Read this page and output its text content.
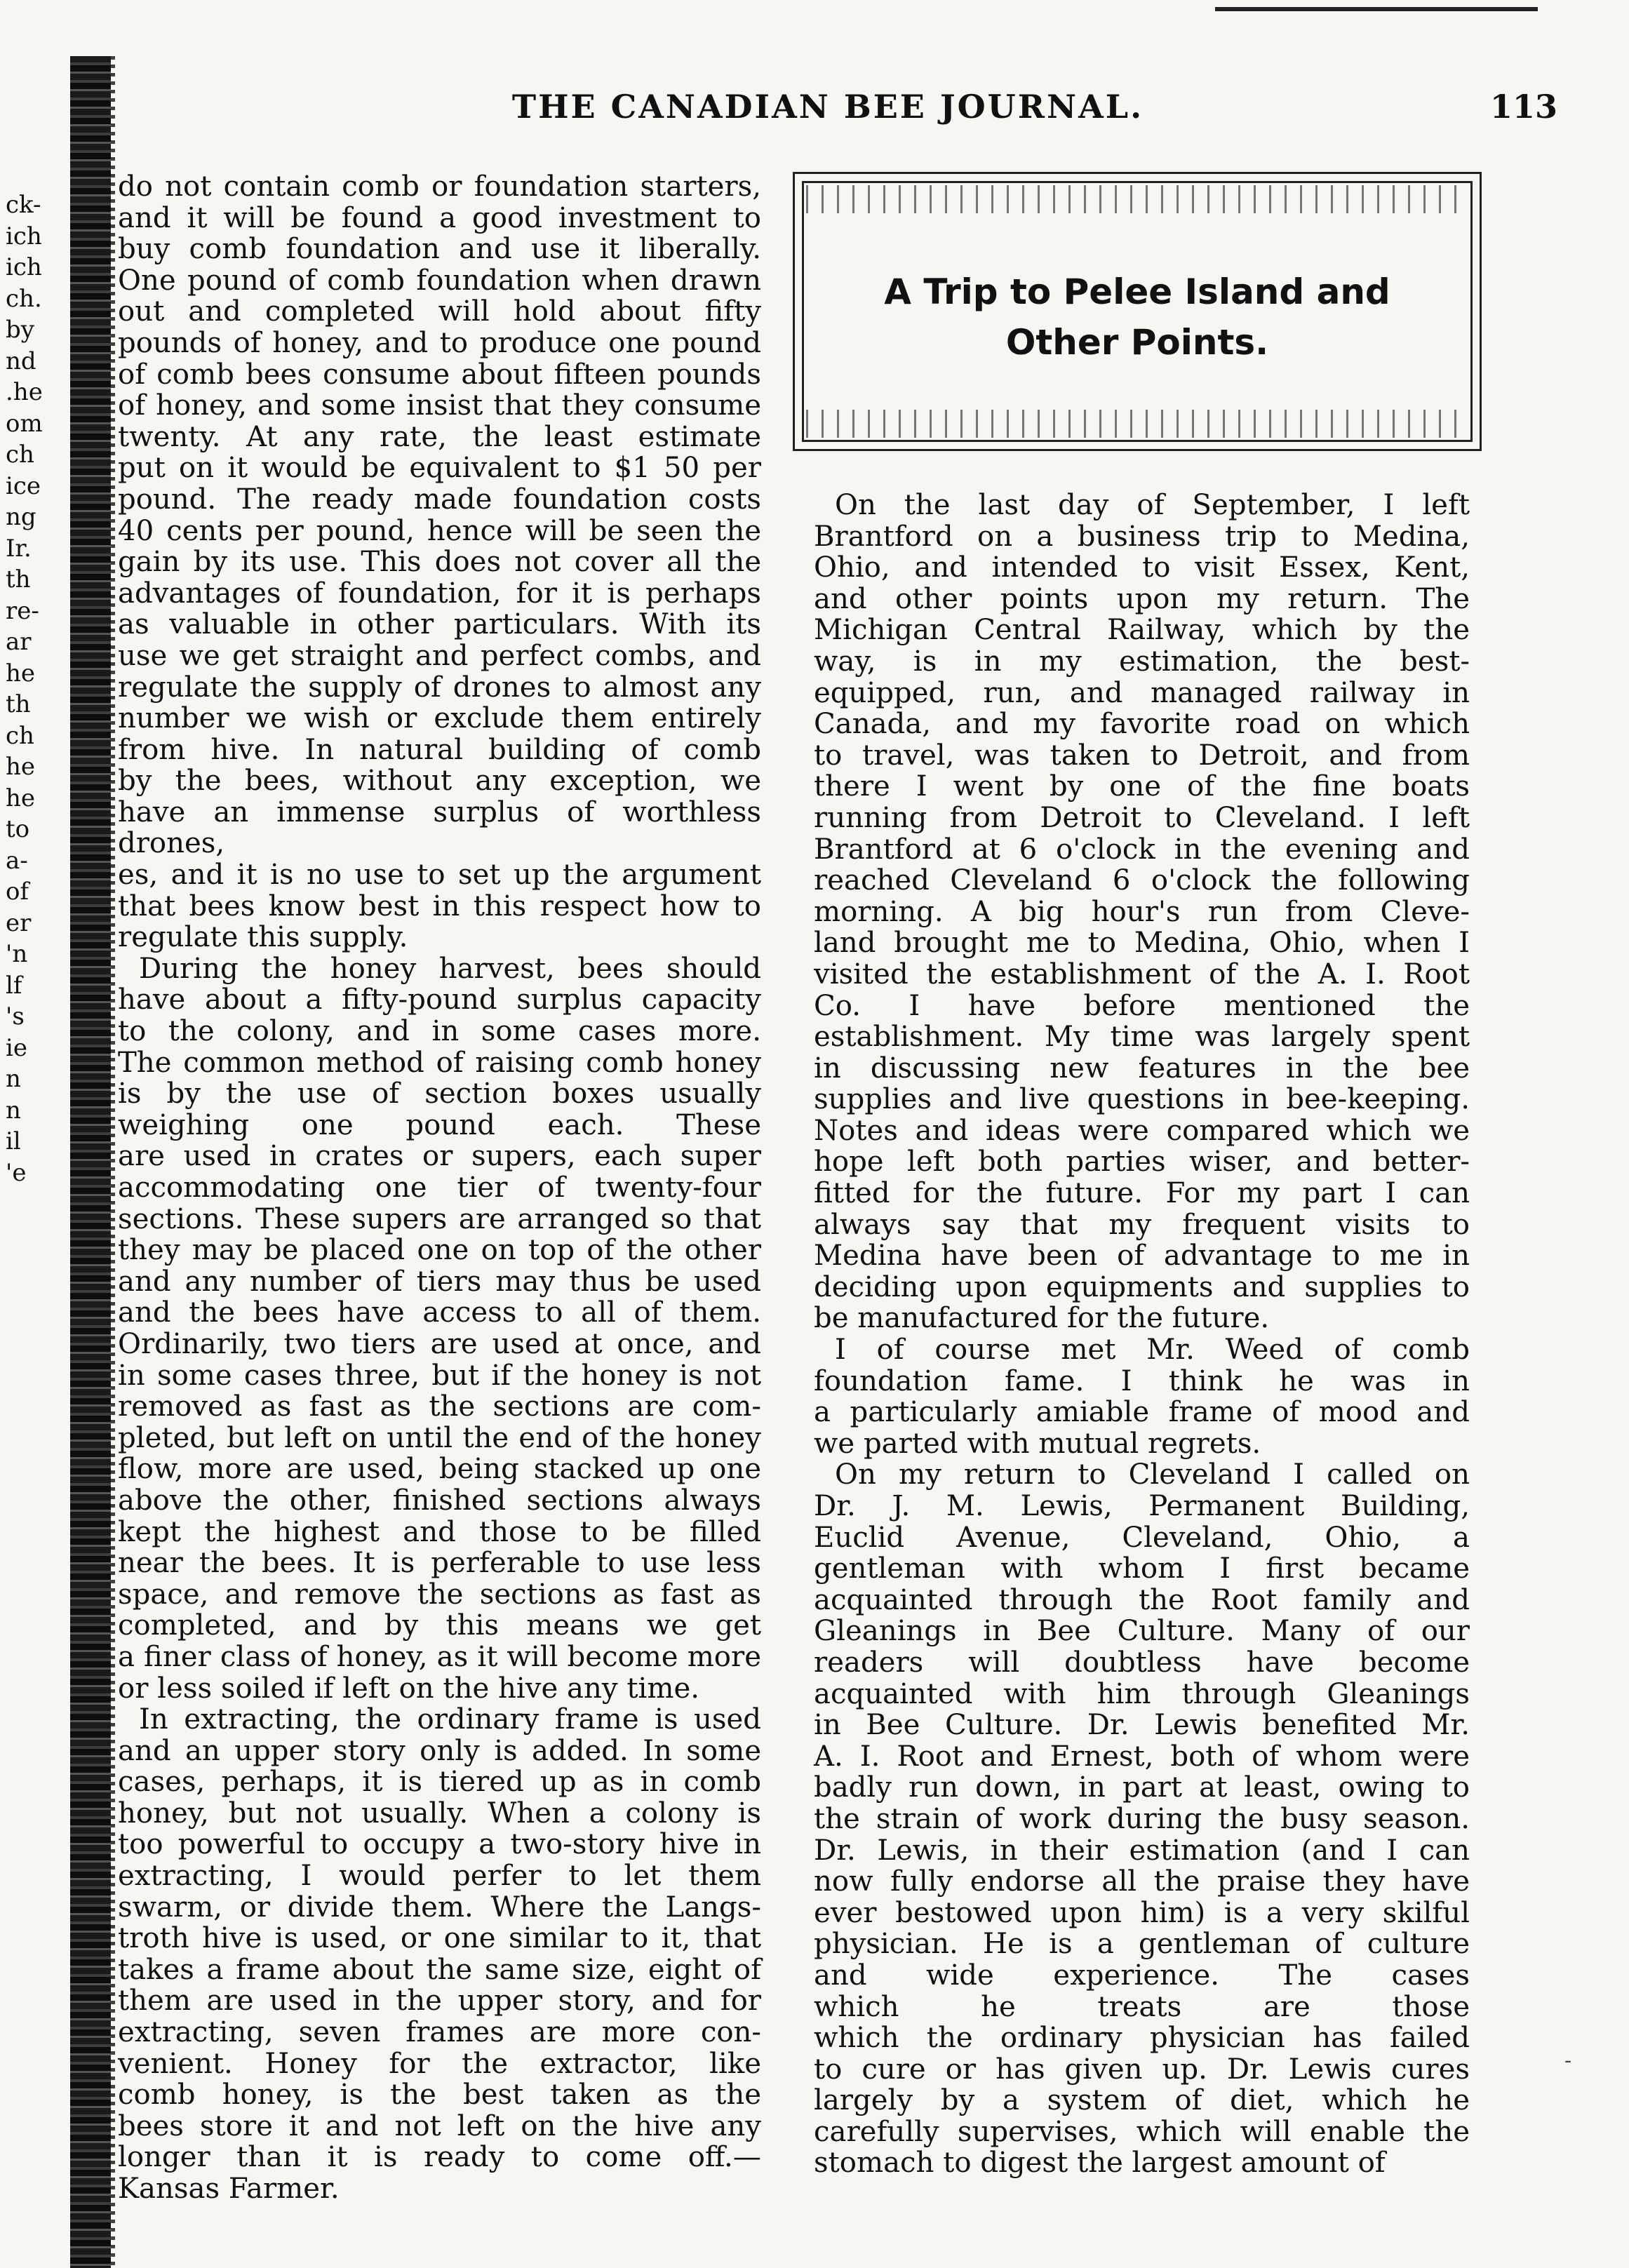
ck-
ich
ich
ch.
by
nd
.he
om
ch
ice
ng
Ir.
th
re-
ar
he
th
ch
he
he
to
a-
of
er
'n
lf
's
ie
n
n
il
'e
THE CANADIAN BEE JOURNAL.	113

do not contain comb or foundation starters,

and it will be found a good investment to

buy comb foundation and use it liberally.

One pound of comb foundation when drawn

out and completed will hold about fifty

pounds of honey, and to produce one pound

of comb bees consume about fifteen pounds

of honey, and some insist that they consume

twenty. At any rate, the least estimate

put on it would be equivalent to $1 50 per

pound. The ready made foundation costs

40 cents per pound, hence will be seen the

gain by its use. This does not cover all the

advantages of foundation, for it is perhaps

as valuable in other particulars. With its

use we get straight and perfect combs, and

regulate the supply of drones to almost any

number we wish or exclude them entirely

from hive. In natural building of comb

by the bees, without any exception, we

have an immense surplus of worthless drones,

es, and it is no use to set up the argument

that bees know best in this respect how to

regulate this supply.

During the honey harvest, bees should

have about a fifty-pound surplus capacity

to the colony, and in some cases more.

The common method of raising comb honey

is by the use of section boxes usually

weighing one pound each. These

are used in crates or supers, each super

accommodating one tier of twenty-four

sections. These supers are arranged so that

they may be placed one on top of the other

and any number of tiers may thus be used

and the bees have access to all of them.

Ordinarily, two tiers are used at once, and

in some cases three, but if the honey is not

removed as fast as the sections are com-

pleted, but left on until the end of the honey

flow, more are used, being stacked up one

above the other, finished sections always

kept the highest and those to be filled

near the bees. It is perferable to use less

space, and remove the sections as fast as

completed, and by this means we get

a finer class of honey, as it will become more

or less soiled if left on the hive any time.

In extracting, the ordinary frame is used

and an upper story only is added. In some

cases, perhaps, it is tiered up as in comb

honey, but not usually. When a colony is

too powerful to occupy a two-story hive in

extracting, I would perfer to let them

swarm, or divide them. Where the Langs-

troth hive is used, or one similar to it, that

takes a frame about the same size, eight of

them are used in the upper story, and for

extracting, seven frames are more con-

venient. Honey for the extractor, like

comb honey, is the best taken as the

bees store it and not left on the hive any

longer than it is ready to come off.—

Kansas Farmer.

A Trip to Pelee Island and
Other Points.

On the last day of September, I left

Brantford on a business trip to Medina,

Ohio, and intended to visit Essex, Kent,

and other points upon my return. The

Michigan Central Railway, which by the

way, is in my estimation, the best-

equipped, run, and managed railway in

Canada, and my favorite road on which

to travel, was taken to Detroit, and from

there I went by one of the fine boats

running from Detroit to Cleveland. I left

Brantford at 6 o'clock in the evening and

reached Cleveland 6 o'clock the following

morning. A big hour's run from Cleve-

land brought me to Medina, Ohio, when I

visited the establishment of the A. I. Root

Co. I have before mentioned the

establishment. My time was largely spent

in discussing new features in the bee

supplies and live questions in bee-keeping.

Notes and ideas were compared which we

hope left both parties wiser, and better-

fitted for the future. For my part I can

always say that my frequent visits to

Medina have been of advantage to me in

deciding upon equipments and supplies to

be manufactured for the future.

I of course met Mr. Weed of comb

foundation fame. I think he was in

a particularly amiable frame of mood and

we parted with mutual regrets.

On my return to Cleveland I called on

Dr. J. M. Lewis, Permanent Building,

Euclid Avenue, Cleveland, Ohio, a

gentleman with whom I first became

acquainted through the Root family and

Gleanings in Bee Culture. Many of our

readers will doubtless have become

acquainted with him through Gleanings

in Bee Culture. Dr. Lewis benefited Mr.

A. I. Root and Ernest, both of whom were

badly run down, in part at least, owing to

the strain of work during the busy season.

Dr. Lewis, in their estimation (and I can

now fully endorse all the praise they have

ever bestowed upon him) is a very skilful

physician. He is a gentleman of culture

and wide experience. The cases

which he treats are those

which the ordinary physician has failed

to cure or has given up. Dr. Lewis cures

largely by a system of diet, which he

carefully supervises, which will enable the

stomach to digest the largest amount of

-
